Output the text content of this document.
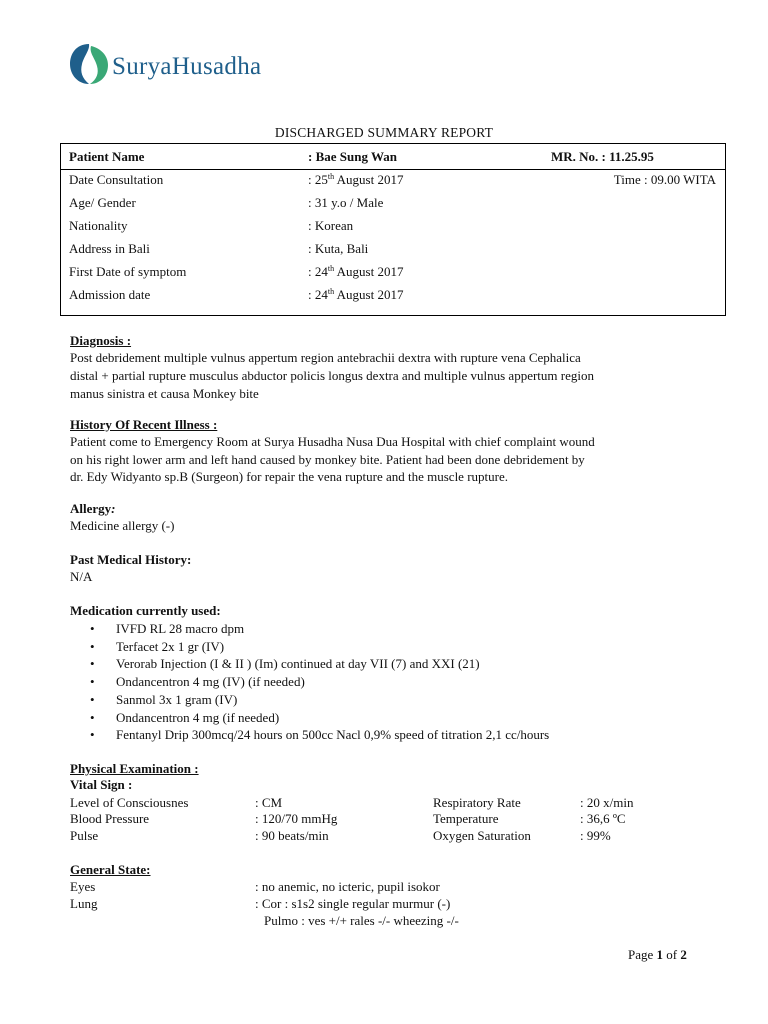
SuryaHusadha
DISCHARGED SUMMARY REPORT
Patient Name	: Bae Sung Wan	MR. No. : 11.25.95
Date Consultation	: 25th August 2017	Time : 09.00 WITA
Age/ Gender	: 31 y.o / Male
Nationality	: Korean
Address in Bali	: Kuta, Bali
First Date of symptom	: 24th August 2017
Admission date	: 24th August 2017
Diagnosis :
Post debridement multiple vulnus appertum region antebrachii dextra with rupture vena Cephalica
distal + partial rupture musculus abductor policis longus dextra and multiple vulnus appertum region
manus sinistra et causa Monkey bite
History Of Recent Illness :
Patient come to Emergency Room at Surya Husadha Nusa Dua Hospital with chief complaint wound
on his right lower arm and left hand caused by monkey bite. Patient had been done debridement by
dr. Edy Widyanto sp.B (Surgeon) for repair the vena rupture and the muscle rupture.
Allergy:
Medicine allergy (-)
Past Medical History:
N/A
Medication currently used:
• IVFD RL 28 macro dpm
• Terfacet 2x 1 gr (IV)
• Verorab Injection (I & II ) (Im) continued at day VII (7) and XXI (21)
• Ondancentron 4 mg (IV) (if needed)
• Sanmol 3x 1 gram (IV)
• Ondancentron 4 mg (if needed)
• Fentanyl Drip 300mcq/24 hours on 500cc Nacl 0,9% speed of titration 2,1 cc/hours
Physical Examination :
Vital Sign :
Level of Consciousnes	: CM	Respiratory Rate	: 20 x/min
Blood Pressure	: 120/70 mmHg	Temperature	: 36,6 ºC
Pulse	: 90 beats/min	Oxygen Saturation	: 99%
General State:
Eyes	: no anemic, no icteric, pupil isokor
Lung	: Cor : s1s2 single regular murmur (-)
Pulmo : ves +/+ rales -/- wheezing -/-
Page 1 of 2
